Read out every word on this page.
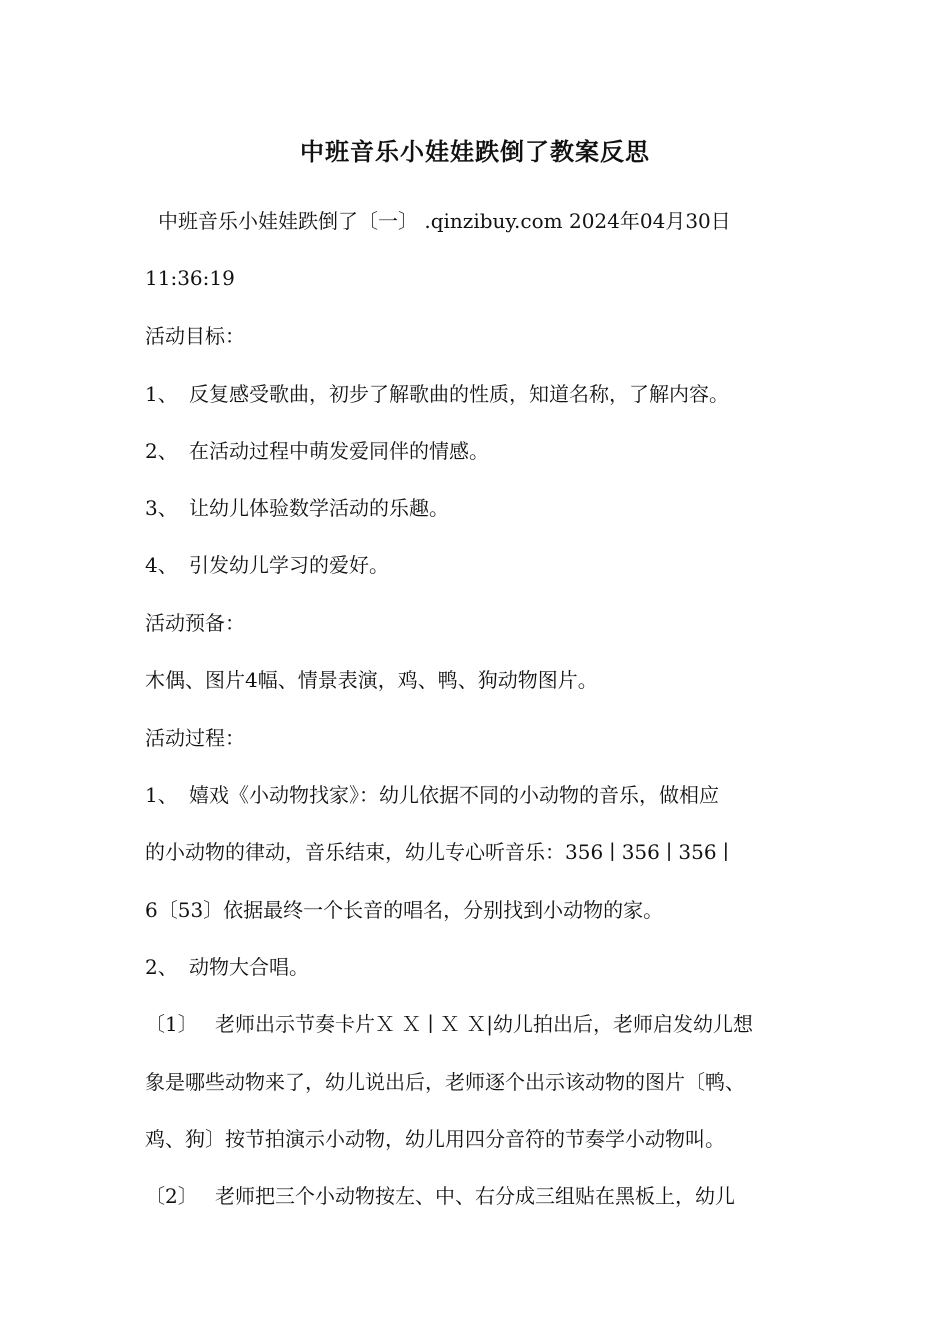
中班音乐小娃娃跌倒了教案反思
中班音乐小娃娃跌倒了〔一〕 .qinzibuy.com 2024年04月30日
11:36:19
活动目标：
1、 反复感受歌曲，初步了解歌曲的性质，知道名称，了解内容。
2、 在活动过程中萌发爱同伴的情感。
3、 让幼儿体验数学活动的乐趣。
4、 引发幼儿学习的爱好。
活动预备：
木偶、图片4幅、情景表演，鸡、鸭、狗动物图片。
活动过程：
1、 嬉戏《小动物找家》：幼儿依据不同的小动物的音乐，做相应
的小动物的律动，音乐结束，幼儿专心听音乐：356 ∣ 356 ∣ 356 ∣
6〔53〕依据最终一个长音的唱名，分别找到小动物的家。
2、 动物大合唱。
〔1〕 老师出示节奏卡片Ｘ Ｘ ∣ Ｘ Ｘ|幼儿拍出后，老师启发幼儿想
象是哪些动物来了，幼儿说出后，老师逐个出示该动物的图片〔鸭、
鸡、狗〕按节拍演示小动物，幼儿用四分音符的节奏学小动物叫。
〔2〕 老师把三个小动物按左、中、右分成三组贴在黑板上，幼儿
